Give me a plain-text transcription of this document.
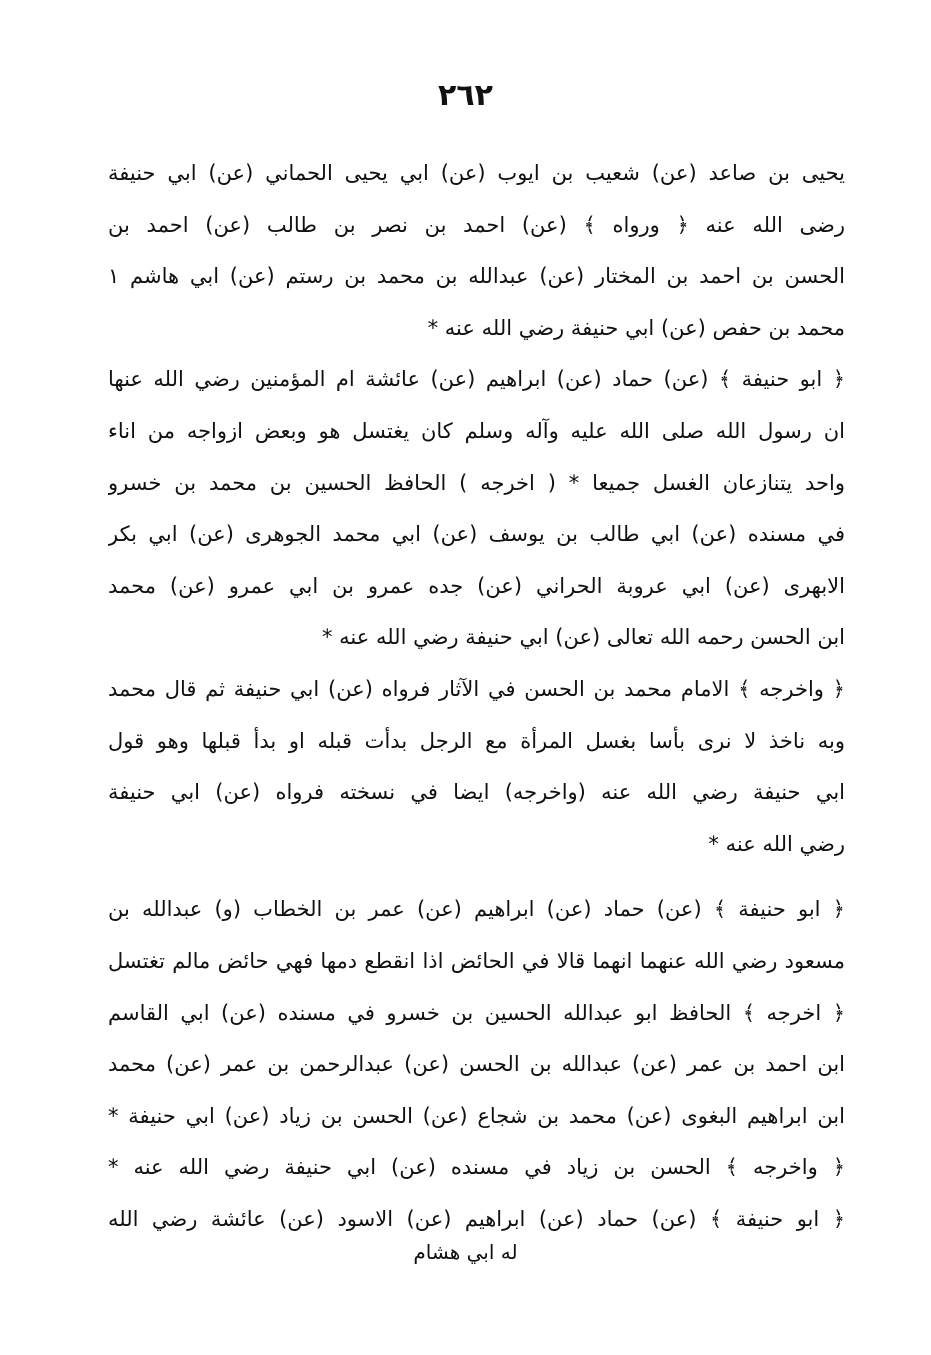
٢٦٢
يحيى بن صاعد (عن) شعيب بن ايوب (عن) ابي يحيى الحماني (عن) ابي حنيفة
رضى الله عنه ﴿ ورواه ﴾ (عن) احمد بن نصر بن طالب (عن) احمد بن
الحسن بن احمد بن المختار (عن) عبدالله بن محمد بن رستم (عن) ابي هاشم ١
محمد بن حفص (عن) ابي حنيفة رضي الله عنه *
﴿ ابو حنيفة ﴾ (عن) حماد (عن) ابراهيم (عن) عائشة ام المؤمنين رضي الله عنها
ان رسول الله صلى الله عليه وآله وسلم كان يغتسل هو وبعض ازواجه من اناء
واحد يتنازعان الغسل جميعا * ( اخرجه ) الحافظ الحسين بن محمد بن خسرو
في مسنده (عن) ابي طالب بن يوسف (عن) ابي محمد الجوهرى (عن) ابي بكر
الابهرى (عن) ابي عروبة الحراني (عن) جده عمرو بن ابي عمرو (عن) محمد
ابن الحسن رحمه الله تعالى (عن) ابي حنيفة رضي الله عنه *
﴿ واخرجه ﴾ الامام محمد بن الحسن في الآثار فرواه (عن) ابي حنيفة ثم قال محمد
وبه ناخذ لا نرى بأسا بغسل المرأة مع الرجل بدأت قبله او بدأ قبلها وهو قول
ابي حنيفة رضي الله عنه (واخرجه) ايضا في نسخته فرواه (عن) ابي حنيفة
رضي الله عنه *
﴿ ابو حنيفة ﴾ (عن) حماد (عن) ابراهيم (عن) عمر بن الخطاب (و) عبدالله بن
مسعود رضي الله عنهما انهما قالا في الحائض اذا انقطع دمها فهي حائض مالم تغتسل
﴿ اخرجه ﴾ الحافظ ابو عبدالله الحسين بن خسرو في مسنده (عن) ابي القاسم
ابن احمد بن عمر (عن) عبدالله بن الحسن (عن) عبدالرحمن بن عمر (عن) محمد
ابن ابراهيم البغوى (عن) محمد بن شجاع (عن) الحسن بن زياد (عن) ابي حنيفة *
﴿ واخرجه ﴾ الحسن بن زياد في مسنده (عن) ابي حنيفة رضي الله عنه *
﴿ ابو حنيفة ﴾ (عن) حماد (عن) ابراهيم (عن) الاسود (عن) عائشة رضي الله
له ابي هشام
